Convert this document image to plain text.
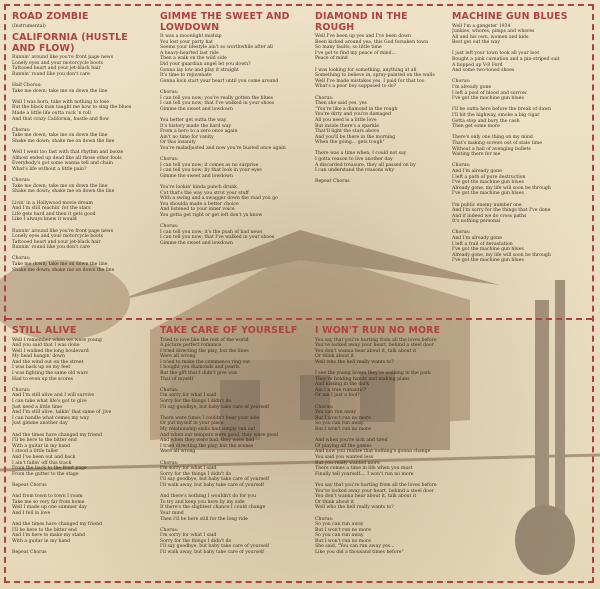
ROAD ZOMBIE

(Instrumental)

CALIFORNIA (HUSTLE AND FLOW)

Runnin' around like you're front page news
Lonely eyes and your motorcycle boots
Tattooed heart and your jet-black hair
Runnin' round like you don't care

Half Chorus:
Take me down; take me on down the line

Well I was born, take with nothing to lose
But the black man taught me how to sing the blues
Made a little life outta rock 'n roll
And that crazy California, hustle and flow

Chorus:
Take me down; take me on down the line
Shake me down; shake me on down the line

Well I went too fast with that rhythm and booze
Almost ended up dead like all those other fools
Everybody's got some wanna tell and chain
What's life without a little pain?

Chorus:
Take me down; take me on down the line
Shake me down; shake me on down the line

Livin' in a Hollywood movie dream
And I'm still reachin' for the stars
Life gets hard and then it gets good
Like I always knew it would

Runnin' around like you're front page news
Lonely eyes and your motorcycle boots
Tattooed heart and your jet-black hair
Runnin' round like you don't care

Chorus:
Take me down; take me on down the line
Shake me down; shake me on down the line

GIMME THE SWEET AND LOWDOWN

It was a moonlight mishap
You lost your party hat
Seems your lifestyle ain't so worthwhile after all
A heavy-hearted last ride
Then a walk on the wild side
Did your guardian angel let you down?
Gonna lay low and play it straight
It's time to rejuvenate
Gonna kick start your heart until you come around

Chorus:
I can tell you now; you're really gotten the blues
I can tell you now; that I've walked in your shoes
Gimme the sweet and lowdown

You better get outta the way
It's history made the hard way
From a hero to a zero once again
Ain't no time for vanity
Or this insanity
You're maladjusted and now you're busted once again

Chorus:
I can tell you now; it comes as no surprise
I can tell you now; by that look in your eyes
Gimme the sweet and lowdown

You're lookin' kinda punch drunk
Cut that's the way you strut your stuff
With a swing and a swagger down the road you go
You shoulda made a better choice
And listened to your inner voice
You gotta get right or get left don't ya know

Chorus:
I can tell you now; it's the push of bad news
I can tell you now; that I've walked in your shoes
Gimme the sweet and lowdown

DIAMOND IN THE ROUGH

Well I've been up yes and I've been down
Been kicked around yea, this God forsaken town
So many faults, so little time
I've got to find my peace of mind...
Peace of mind

I was looking for something, anything at all
Something to believe in, spray-painted on the walls
Well I've made mistakes yes, I paid for that too
What's a poor boy supposed to do?

Chorus:
Then she said yes, yes
"You're like a diamond in the rough
You're dirty and you're damaged
All you need is a little love
But inside there's a sparkle
That'll light the stars above
And you'll be there in the morning
When the going... gets tough"

There was a time when, I could not say
I gotta reason to live another day
A discarded treasure, they all passed on by
I can understand the reasons why

Repeat Chorus

MACHINE GUN BLUES

Well I'm a gangster 1934
Junkies, whores, pimps and whores
All and his own, women and kids
Best get out the way

I just left your town took all your loot
Bought a pink carnation and a pin-striped suit
A hopped up V-8 Ford
And some two-toned shoes

Chorus:
I'm already gone
I left a pool of blood and sorrow
I've got the machine gun blues

I'll be outta here before the break of dawn
I'll hit the highway, smoke a big cigar
Gotta stop and bury the cash
Then get some more

There's only one thing on my mind
That's making screws out of stale time
Without a hail of avenging bullets
Waiting there for me

Chorus:
And I'm already gone
I left a path of pure destruction
I've got the machine gun blues
Already gone, my life will soon be through
I've got the machine gun blues

I'm public enemy number one
And I'm sorry for the things that I've done
And if indeed we do cross paths
It's nothing personal

Chorus:
And I'm already gone
I left a trail of devastation
I've got the machine gun blues
Already gone, my life will soon be through
I've got the machine gun blues

STILL ALIVE

Well I remember when we were young
And you said that I was done
Well I walked the long boulevard
My head hangin' down
And the wind out on the street
I was back up on my feet
I was fighting the same old wars
Had to even up the scores

Chorus:
And I'm still alive and I will survive
I can take what life's got to give
Just need a little time
And I'm still alive, talkin' that same ol' jive
I can handle what comes my way
Just gimme another day

And the times have changed my friend
I'll be here to the bitter end
With a guitar in my hand
I stood a little taller
And I've been out and back
I ain't fallin' off this track
From the back to the front page
From the gutter to the stage

Repeat Chorus

And from town to town I roam
Take me so very far from home
Well I made up one summer day
And I fell in love

And the times have changed my friend
I'll be here to the bitter end
And I'm here to make my stand
With a guitar in my hand

Repeat Chorus

TAKE CARE OF YOURSELF

Tried to love like the rest of the world
A picture perfect romance
I tried directing the play, but the lines
Were all wrong
I tried to make the commence ring out
I bought you diamonds and pearls
But the gift that I didn't give was
That of myself

Chorus:
I'm sorry for what I said
Sorry for the things I didn't do
I'll say goodbye, but baby take care of yourself

There were times I couldn't hear your side
Or put myself in your place
My relationship skills had simply run out
And when our tempers were good, they were good
And when they were bad, they were bad
I tried directing the play, but the scenes
Were all wrong

Chorus:
I'm sorry for what I said
Sorry for the things I didn't do
I'll say goodbye, but baby take care of yourself
I'll walk away, but baby take care of yourself

And there's nothing I wouldn't do for you
To try and keep you here by my side
If there's the slightest chance I could change
Your mind
Then I'll be here still for the long ride

Chorus:
I'm sorry for what I said
Sorry for the things I didn't do
I'll say goodbye, but baby take care of yourself
I'll walk away, but baby take care of yourself

I WON'T RUN NO MORE

You say that you're hurting from all the loves before
You've locked away your heart, behind a steel door
You don't wanna hear about it, talk about it
Or think about it
Well who the hell really wants to?

I see the young lovers they're walking in the park
They're holding hands and making plans
And kissing in the dark
Am I a true romantic?
Or am I just a fool?

Chorus:
You can run away
But I won't run no more
So you can run away
But I won't run no more

And when you're sick and tired
Of playing all the games
And now you realize that nothing's gonna change
You said you wanted less
But you really wanted more
There comes a time in life when you must
Finally tell yourself.... I won't run no more

You say that you're hurting from all the loves before
You've locked away your heart, behind a steel door
You don't wanna hear about it, talk about it
Or think about it
Well who the hell really wants to?

Chorus:
So you can run away
But I won't run no more
So you can run away
But I won't run no more
She said, "You can run away yes...
Like you did a thousand times before"
